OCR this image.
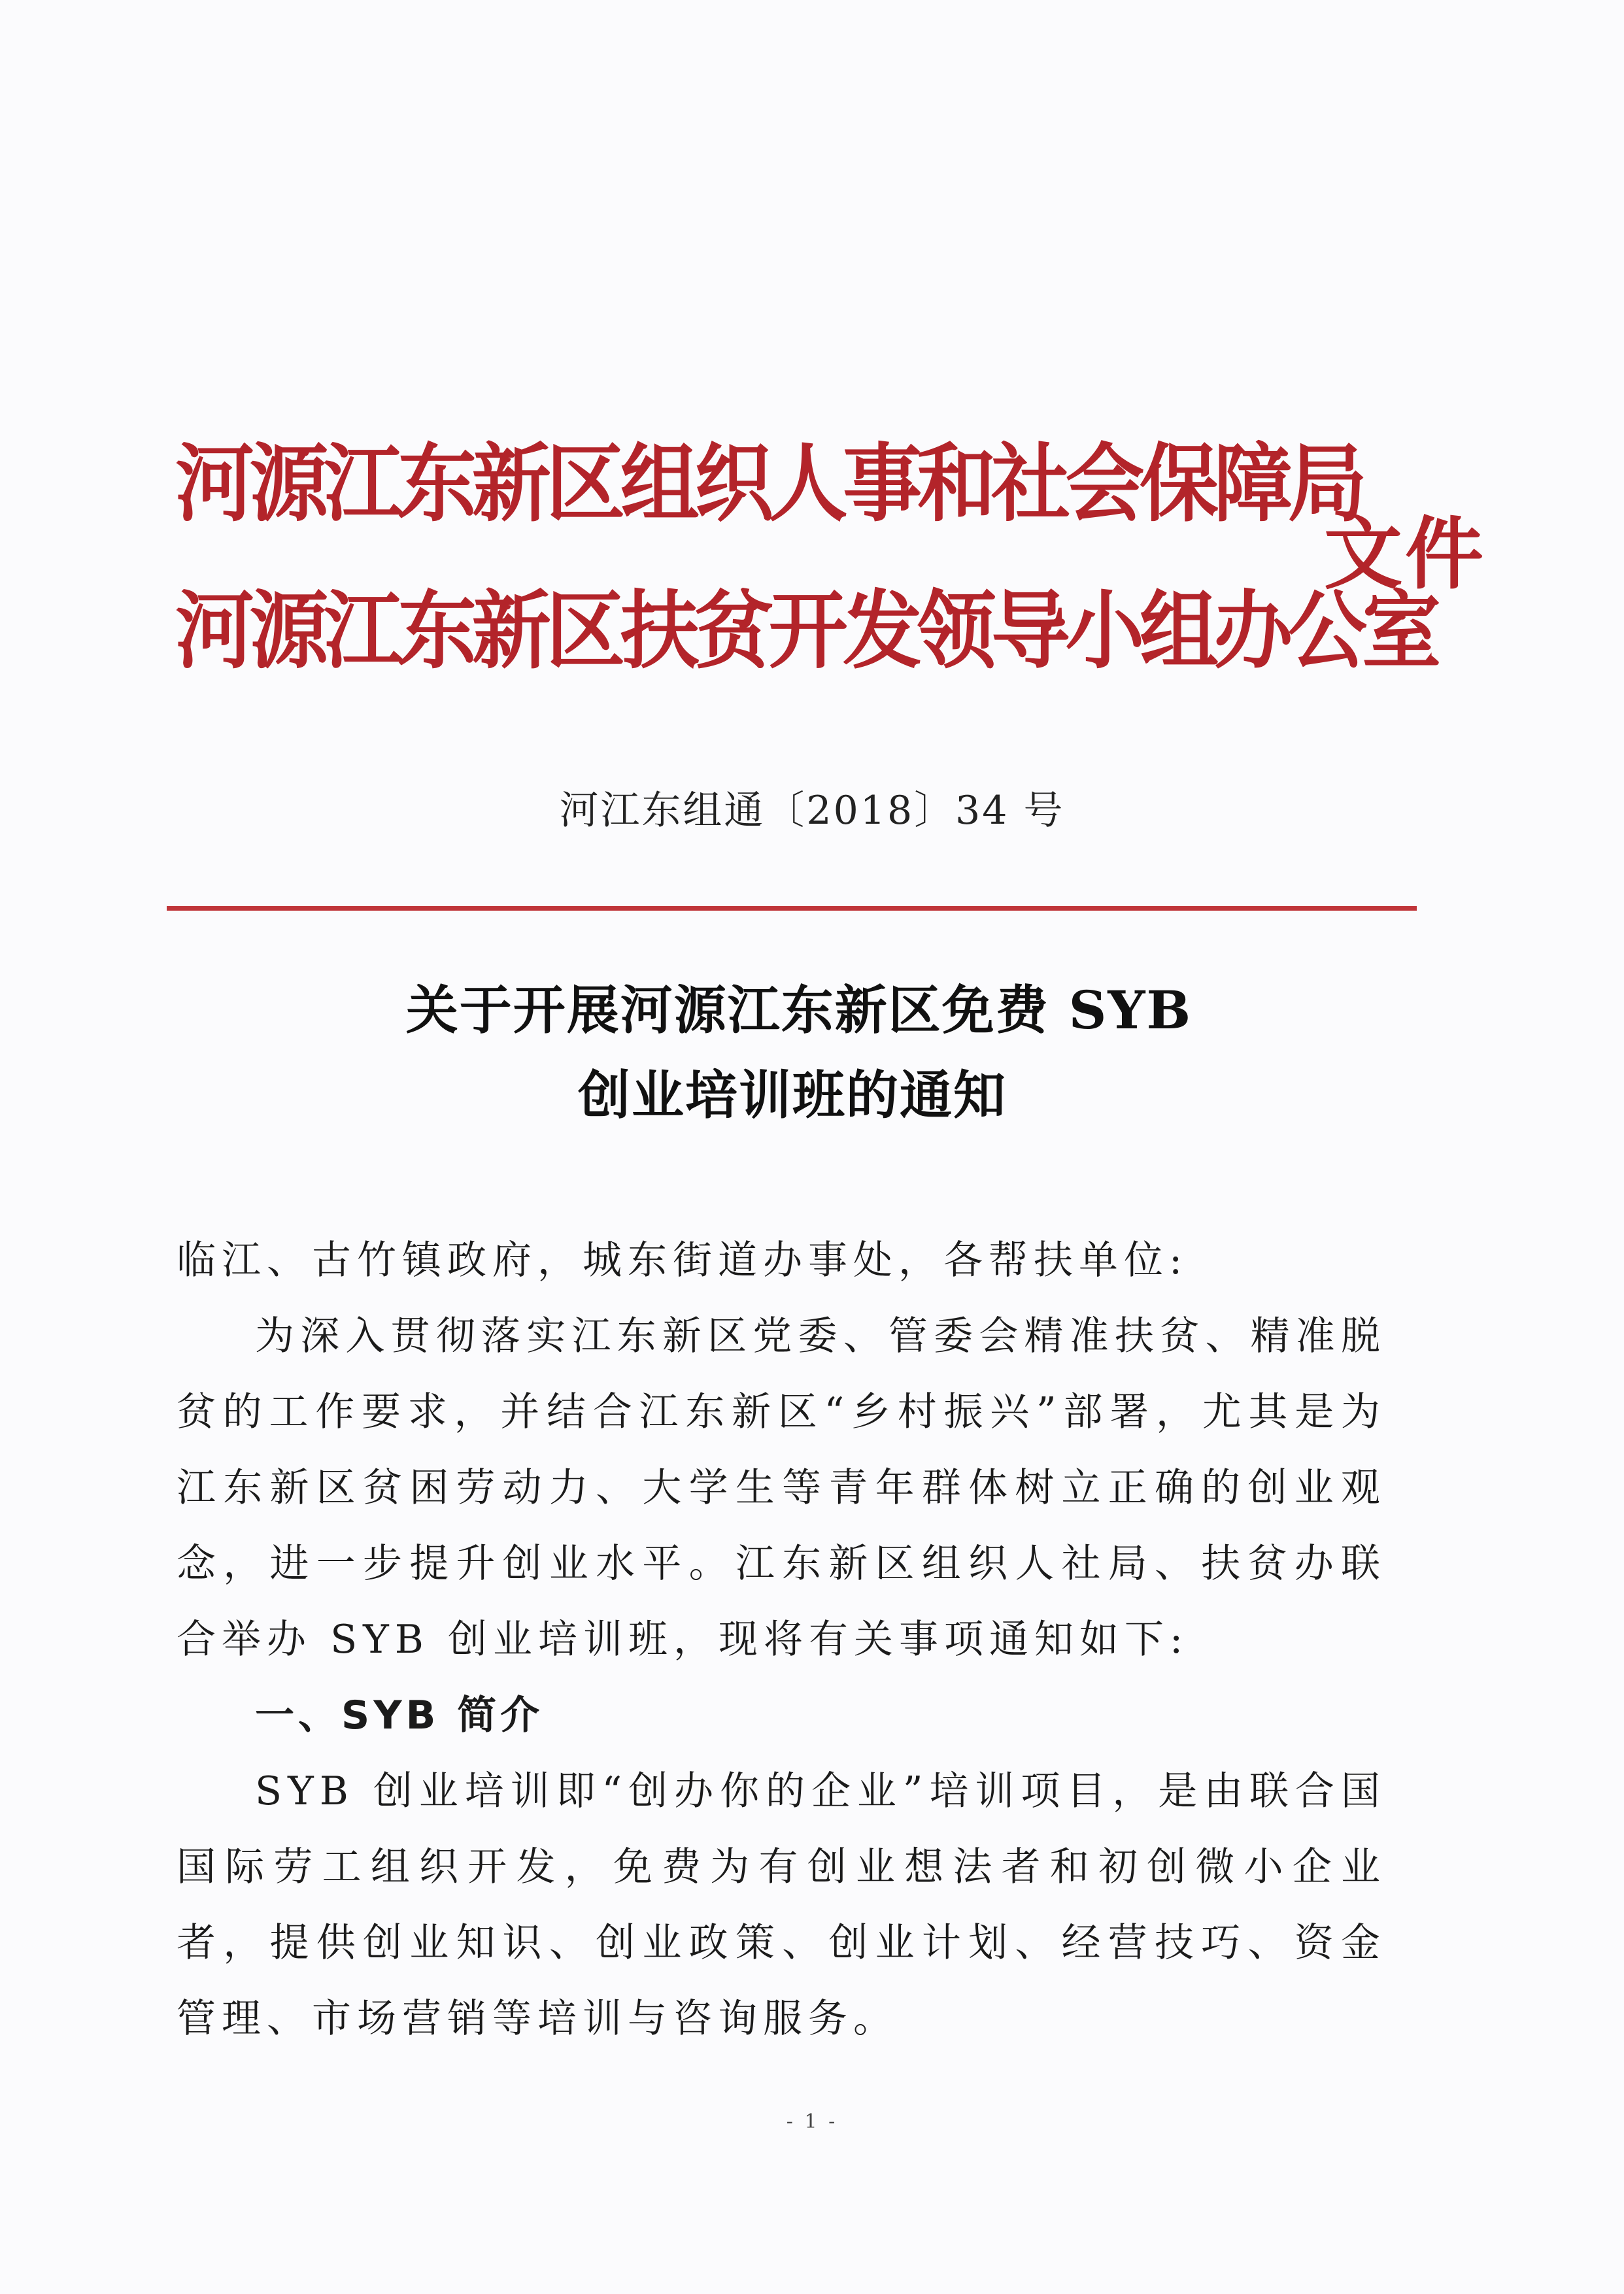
河源江东新区组织人事和社会保障局
河源江东新区扶贫开发领导小组办公室
文件
河江东组通〔2018〕34 号
关于开展河源江东新区免费 SYB
创业培训班的通知

临江、古竹镇政府，城东街道办事处，各帮扶单位:

为深入贯彻落实江东新区党委、管委会精准扶贫、精准脱贫的工作要求，并结合江东新区“乡村振兴”部署，尤其是为江东新区贫困劳动力、大学生等青年群体树立正确的创业观念，进一步提升创业水平。江东新区组织人社局、扶贫办联合举办 SYB 创业培训班，现将有关事项通知如下:

一、SYB 简介

SYB 创业培训即“创办你的企业”培训项目，是由联合国国际劳工组织开发，免费为有创业想法者和初创微小企业者，提供创业知识、创业政策、创业计划、经营技巧、资金管理、市场营销等培训与咨询服务。

- 1 -
